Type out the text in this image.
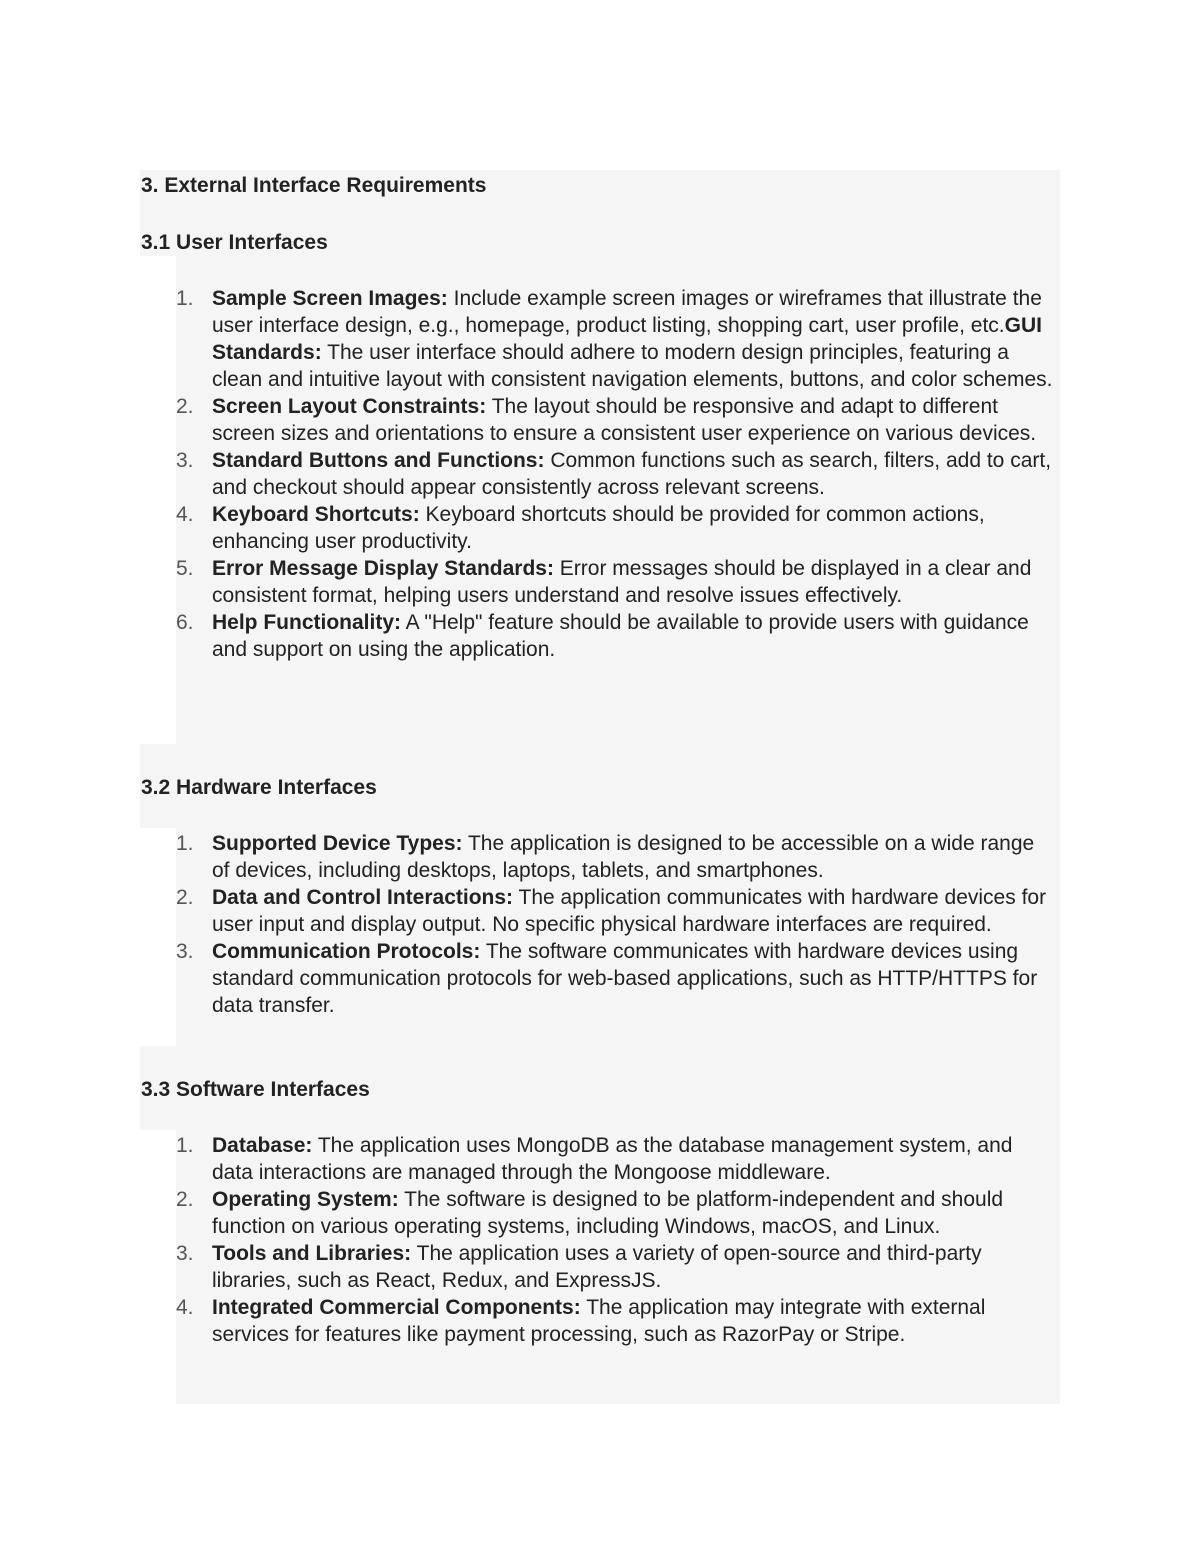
3. External Interface Requirements
3.1 User Interfaces
1. Sample Screen Images: Include example screen images or wireframes that illustrate the user interface design, e.g., homepage, product listing, shopping cart, user profile, etc.GUI Standards: The user interface should adhere to modern design principles, featuring a clean and intuitive layout with consistent navigation elements, buttons, and color schemes.
2. Screen Layout Constraints: The layout should be responsive and adapt to different screen sizes and orientations to ensure a consistent user experience on various devices.
3. Standard Buttons and Functions: Common functions such as search, filters, add to cart, and checkout should appear consistently across relevant screens.
4. Keyboard Shortcuts: Keyboard shortcuts should be provided for common actions, enhancing user productivity.
5. Error Message Display Standards: Error messages should be displayed in a clear and consistent format, helping users understand and resolve issues effectively.
6. Help Functionality: A "Help" feature should be available to provide users with guidance and support on using the application.
3.2 Hardware Interfaces
1. Supported Device Types: The application is designed to be accessible on a wide range of devices, including desktops, laptops, tablets, and smartphones.
2. Data and Control Interactions: The application communicates with hardware devices for user input and display output. No specific physical hardware interfaces are required.
3. Communication Protocols: The software communicates with hardware devices using standard communication protocols for web-based applications, such as HTTP/HTTPS for data transfer.
3.3 Software Interfaces
1. Database: The application uses MongoDB as the database management system, and data interactions are managed through the Mongoose middleware.
2. Operating System: The software is designed to be platform-independent and should function on various operating systems, including Windows, macOS, and Linux.
3. Tools and Libraries: The application uses a variety of open-source and third-party libraries, such as React, Redux, and ExpressJS.
4. Integrated Commercial Components: The application may integrate with external services for features like payment processing, such as RazorPay or Stripe.
